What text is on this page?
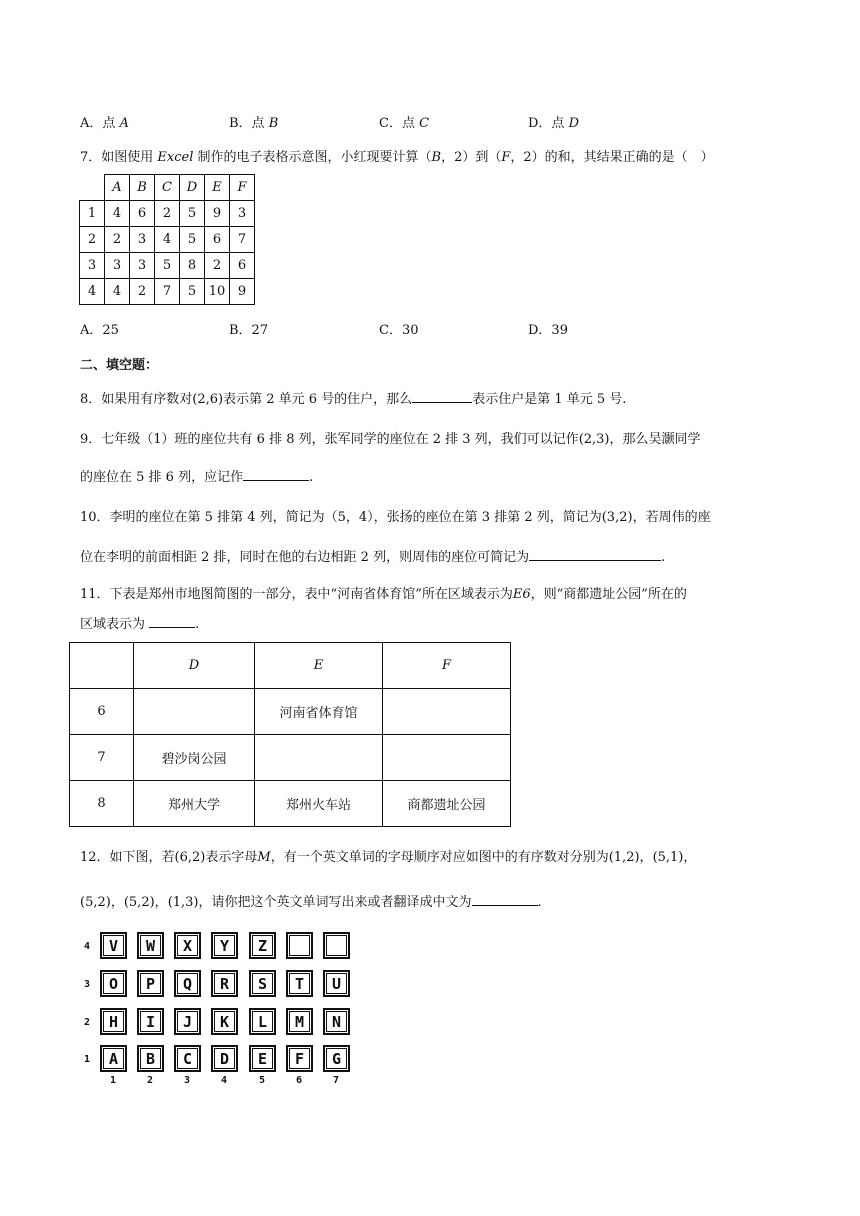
A．点 A	B．点 B	C．点 C	D．点 D
7．如图使用 Excel 制作的电子表格示意图，小红现要计算（B，2）到（F，2）的和，其结果正确的是（　）
	A	B	C	D	E	F
1	4	6	2	5	9	3
2	2	3	4	5	6	7
3	3	3	5	8	2	6
4	4	2	7	5	10	9
A．25	B．27	C．30	D．39
二、填空题：
8．如果用有序数对(2,6)表示第 2 单元 6 号的住户，那么	表示住户是第 1 单元 5 号.
9．七年级（1）班的座位共有 6 排 8 列，张军同学的座位在 2 排 3 列，我们可以记作(2,3)，那么吴灏同学
的座位在 5 排 6 列，应记作	.
10．李明的座位在第 5 排第 4 列，简记为（5，4），张扬的座位在第 3 排第 2 列，简记为(3,2)，若周伟的座
位在李明的前面相距 2 排，同时在他的右边相距 2 列，则周伟的座位可简记为	.
11．下表是郑州市地图简图的一部分，表中“河南省体育馆”所在区域表示为E6，则“商都遗址公园”所在的
区域表示为	.
	D	E	F
6		河南省体育馆	
7	碧沙岗公园		
8	郑州大学	郑州火车站	商都遗址公园
12．如下图，若(6,2)表示字母M，有一个英文单词的字母顺序对应如图中的有序数对分别为(1,2)，(5,1)，
(5,2)，(5,2)，(1,3)，请你把这个英文单词写出来或者翻译成中文为	.
4	V	W	X	Y	Z
3	O	P	Q	R	S	T	U
2	H	I	J	K	L	M	N
1	A	B	C	D	E	F	G
1	2	3	4	5	6	7
